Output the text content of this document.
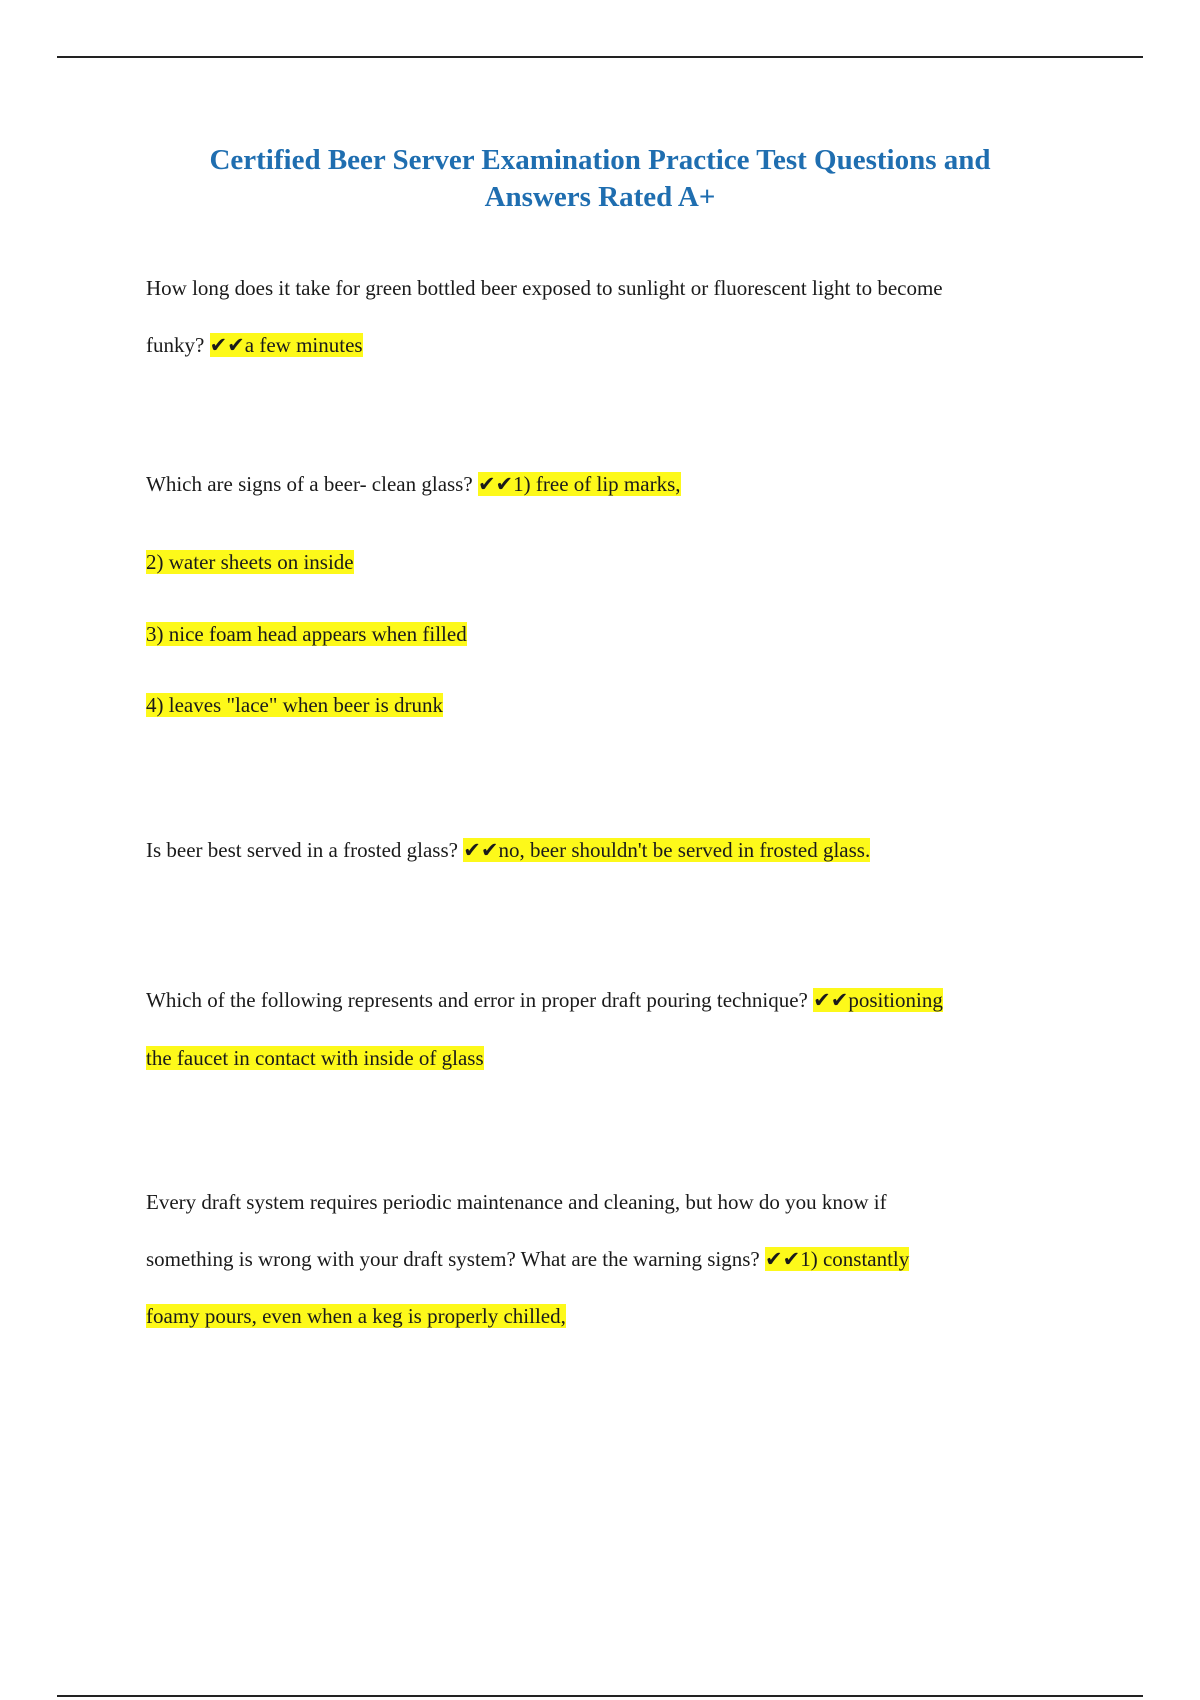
Certified Beer Server Examination Practice Test Questions and
Answers Rated A+
How long does it take for green bottled beer exposed to sunlight or fluorescent light to become
funky? ✔✔a few minutes
Which are signs of a beer- clean glass? ✔✔1) free of lip marks,
2) water sheets on inside
3) nice foam head appears when filled
4) leaves "lace" when beer is drunk
Is beer best served in a frosted glass? ✔✔no, beer shouldn't be served in frosted glass.
Which of the following represents and error in proper draft pouring technique? ✔✔positioning
the faucet in contact with inside of glass
Every draft system requires periodic maintenance and cleaning, but how do you know if
something is wrong with your draft system? What are the warning signs? ✔✔1) constantly
foamy pours, even when a keg is properly chilled,
